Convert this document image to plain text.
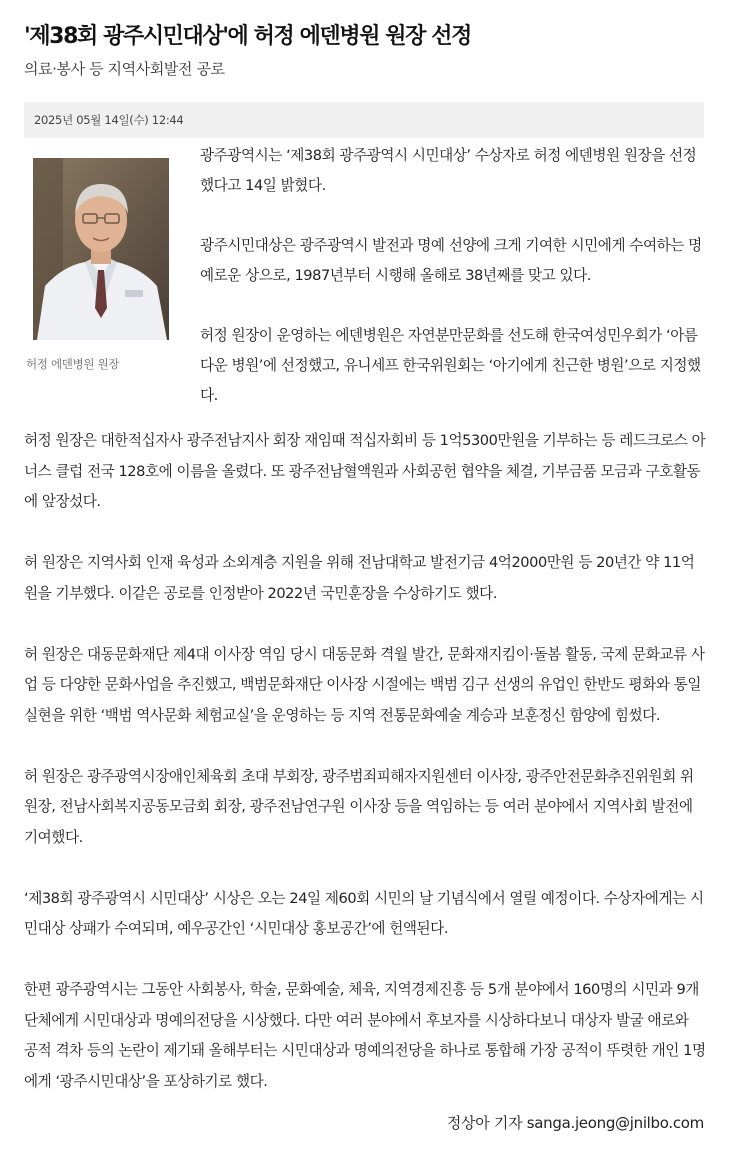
'제38회 광주시민대상'에 허정 에덴병원 원장 선정
의료·봉사 등 지역사회발전 공로
2025년 05월 14일(수) 12:44
허정 에덴병원 원장

광주광역시는 ‘제38회 광주광역시 시민대상’ 수상자로 허정 에덴병원 원장을 선정했다고 14일 밝혔다.

광주시민대상은 광주광역시 발전과 명예 선양에 크게 기여한 시민에게 수여하는 명예로운 상으로, 1987년부터 시행해 올해로 38년째를 맞고 있다.

허정 원장이 운영하는 에덴병원은 자연분만문화를 선도해 한국여성민우회가 ‘아름다운 병원’에 선정했고, 유니세프 한국위원회는 ‘아기에게 친근한 병원’으로 지정했다.

허정 원장은 대한적십자사 광주전남지사 회장 재임때 적십자회비 등 1억5300만원을 기부하는 등 레드크로스 아너스 클럽 전국 128호에 이름을 올렸다. 또 광주전남혈액원과 사회공헌 협약을 체결, 기부금품 모금과 구호활동에 앞장섰다.

허 원장은 지역사회 인재 육성과 소외계층 지원을 위해 전남대학교 발전기금 4억2000만원 등 20년간 약 11억원을 기부했다. 이같은 공로를 인정받아 2022년 국민훈장을 수상하기도 했다.

허 원장은 대동문화재단 제4대 이사장 역임 당시 대동문화 격월 발간, 문화재지킴이·돌봄 활동, 국제 문화교류 사업 등 다양한 문화사업을 추진했고, 백범문화재단 이사장 시절에는 백범 김구 선생의 유업인 한반도 평화와 통일 실현을 위한 ‘백범 역사문화 체험교실’을 운영하는 등 지역 전통문화예술 계승과 보훈정신 함양에 힘썼다.

허 원장은 광주광역시장애인체육회 초대 부회장, 광주범죄피해자지원센터 이사장, 광주안전문화추진위원회 위원장, 전남사회복지공동모금회 회장, 광주전남연구원 이사장 등을 역임하는 등 여러 분야에서 지역사회 발전에 기여했다.

‘제38회 광주광역시 시민대상’ 시상은 오는 24일 제60회 시민의 날 기념식에서 열릴 예정이다. 수상자에게는 시민대상 상패가 수여되며, 예우공간인 ‘시민대상 홍보공간’에 헌액된다.

한편 광주광역시는 그동안 사회봉사, 학술, 문화예술, 체육, 지역경제진흥 등 5개 분야에서 160명의 시민과 9개 단체에게 시민대상과 명예의전당을 시상했다. 다만 여러 분야에서 후보자를 시상하다보니 대상자 발굴 애로와 공적 격차 등의 논란이 제기돼 올해부터는 시민대상과 명예의전당을 하나로 통합해 가장 공적이 뚜렷한 개인 1명에게 ‘광주시민대상’을 포상하기로 했다.

정상아 기자 sanga.jeong@jnilbo.com
